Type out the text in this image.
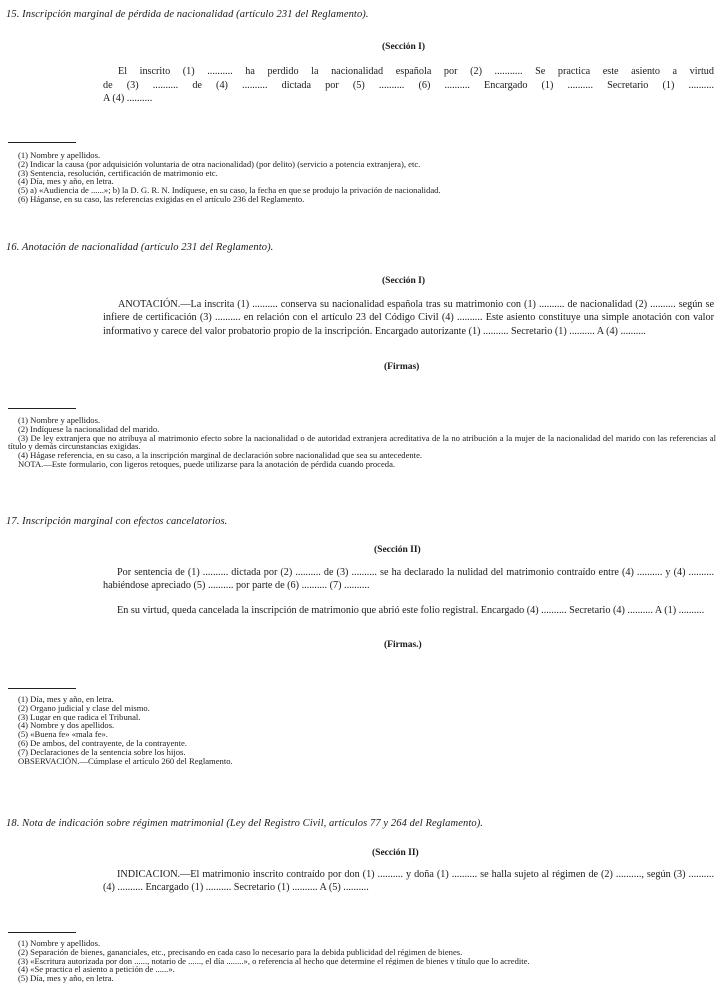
15. Inscripción marginal de pérdida de nacionalidad (artículo 231 del Reglamento).
(Sección I)
El inscrito (1) .......... ha perdido la nacionalidad española por (2) ........... Se practica este asiento a virtud
de (3) .......... de (4) .......... dictada por (5) .......... (6) .......... Encargado (1) .......... Secretario (1) ..........
A (4) ..........
(1) Nombre y apellidos.
(2) Indicar la causa (por adquisición voluntaria de otra nacionalidad) (por delito) (servicio a potencia extranjera), etc.
(3) Sentencia, resolución, certificación de matrimonio etc.
(4) Día, mes y año, en letra.
(5) a) «Audiencia de ......»; b) la D. G. R. N. Indíquese, en su caso, la fecha en que se produjo la privación de nacionalidad.
(6) Háganse, en su caso, las referencias exigidas en el artículo 236 del Reglamento.
16. Anotación de nacionalidad (artículo 231 del Reglamento).
(Sección I)
ANOTACIÓN.—La inscrita (1) .......... conserva su nacionalidad española tras su matrimonio con (1) .......... de nacionalidad (2) .......... según se infiere de certificación (3) .......... en relación con el artículo 23 del Código Civil (4) .......... Este asiento constituye una simple anotación con valor informativo y carece del valor probatorio propio de la inscripción. Encargado autorizante (1) .......... Secretario (1) .......... A (4) ..........
(Firmas)
(1) Nombre y apellidos.
(2) Indíquese la nacionalidad del marido.
(3) De ley extranjera que no atribuya al matrimonio efecto sobre la nacionalidad o de autoridad extranjera acreditativa de la no atribución a la mujer de la nacionalidad del marido con las referencias al título y demás circunstancias exigidas.
(4) Hágase referencia, en su caso, a la inscripción marginal de declaración sobre nacionalidad que sea su antecedente.
NOTA.—Este formulario, con ligeros retoques, puede utilizarse para la anotación de pérdida cuando proceda.
17. Inscripción marginal con efectos cancelatorios.
(Sección II)
Por sentencia de (1) .......... dictada por (2) .......... de (3) .......... se ha declarado la nulidad del matrimonio contraído entre (4) .......... y (4) .......... habiéndose apreciado (5) .......... por parte de (6) .......... (7) ..........
En su virtud, queda cancelada la inscripción de matrimonio que abrió este folio registral. Encargado (4) .......... Secretario (4) .......... A (1) ..........
(Firmas.)
(1) Día, mes y año, en letra.
(2) Organo judicial y clase del mismo.
(3) Lugar en que radica el Tribunal.
(4) Nombre y dos apellidos.
(5) «Buena fe» «mala fe».
(6) De ambos, del contrayente, de la contrayente.
(7) Declaraciones de la sentencia sobre los hijos.
OBSERVACIÓN.—Cúmplase el artículo 260 del Reglamento.
18. Nota de indicación sobre régimen matrimonial (Ley del Registro Civil, artículos 77 y 264 del Reglamento).
(Sección II)
INDICACION.—El matrimonio inscrito contraído por don (1) .......... y doña (1) .......... se halla sujeto al régimen de (2) .........., según (3) .......... (4) .......... Encargado (1) .......... Secretario (1) .......... A (5) ..........
(1) Nombre y apellidos.
(2) Separación de bienes, gananciales, etc., precisando en cada caso lo necesario para la debida publicidad del régimen de bienes.
(3) «Escritura autorizada por don ......, notario de ......, el día ........», o referencia al hecho que determine el régimen de bienes y título que lo acredite.
(4) «Se practica el asiento a petición de ......».
(5) Día, mes y año, en letra.
